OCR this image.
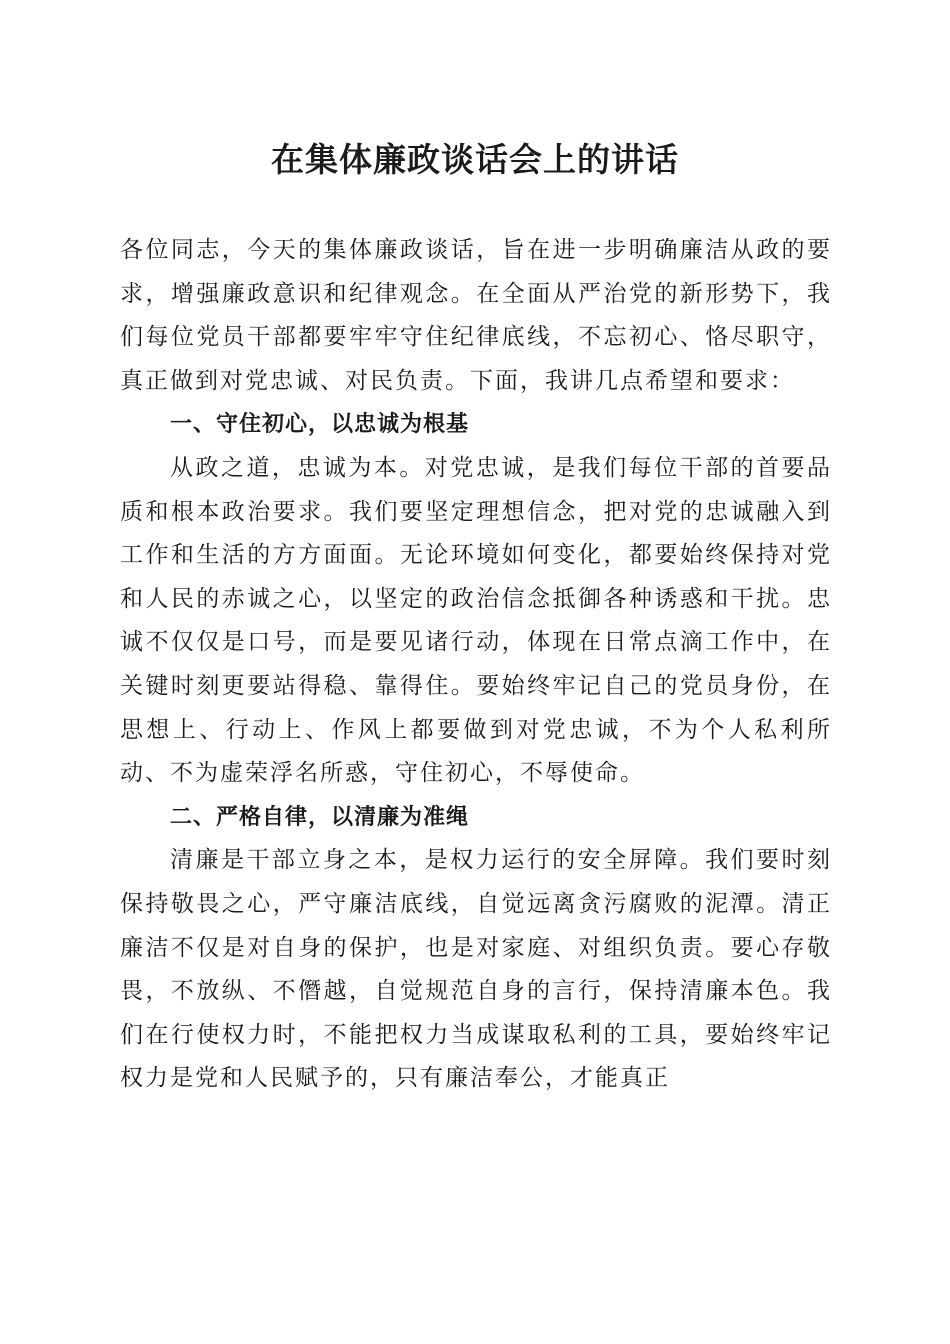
在集体廉政谈话会上的讲话

各位同志，今天的集体廉政谈话，旨在进一步明确廉洁从政的要求，增强廉政意识和纪律观念。在全面从严治党的新形势下，我们每位党员干部都要牢牢守住纪律底线，不忘初心、恪尽职守，真正做到对党忠诚、对民负责。下面，我讲几点希望和要求：

一、守住初心，以忠诚为根基

从政之道，忠诚为本。对党忠诚，是我们每位干部的首要品质和根本政治要求。我们要坚定理想信念，把对党的忠诚融入到工作和生活的方方面面。无论环境如何变化，都要始终保持对党和人民的赤诚之心，以坚定的政治信念抵御各种诱惑和干扰。忠诚不仅仅是口号，而是要见诸行动，体现在日常点滴工作中，在关键时刻更要站得稳、靠得住。要始终牢记自己的党员身份，在思想上、行动上、作风上都要做到对党忠诚，不为个人私利所动、不为虚荣浮名所惑，守住初心，不辱使命。

二、严格自律，以清廉为准绳

清廉是干部立身之本，是权力运行的安全屏障。我们要时刻保持敬畏之心，严守廉洁底线，自觉远离贪污腐败的泥潭。清正廉洁不仅是对自身的保护，也是对家庭、对组织负责。要心存敬畏，不放纵、不僭越，自觉规范自身的言行，保持清廉本色。我们在行使权力时，不能把权力当成谋取私利的工具，要始终牢记权力是党和人民赋予的，只有廉洁奉公，才能真正
